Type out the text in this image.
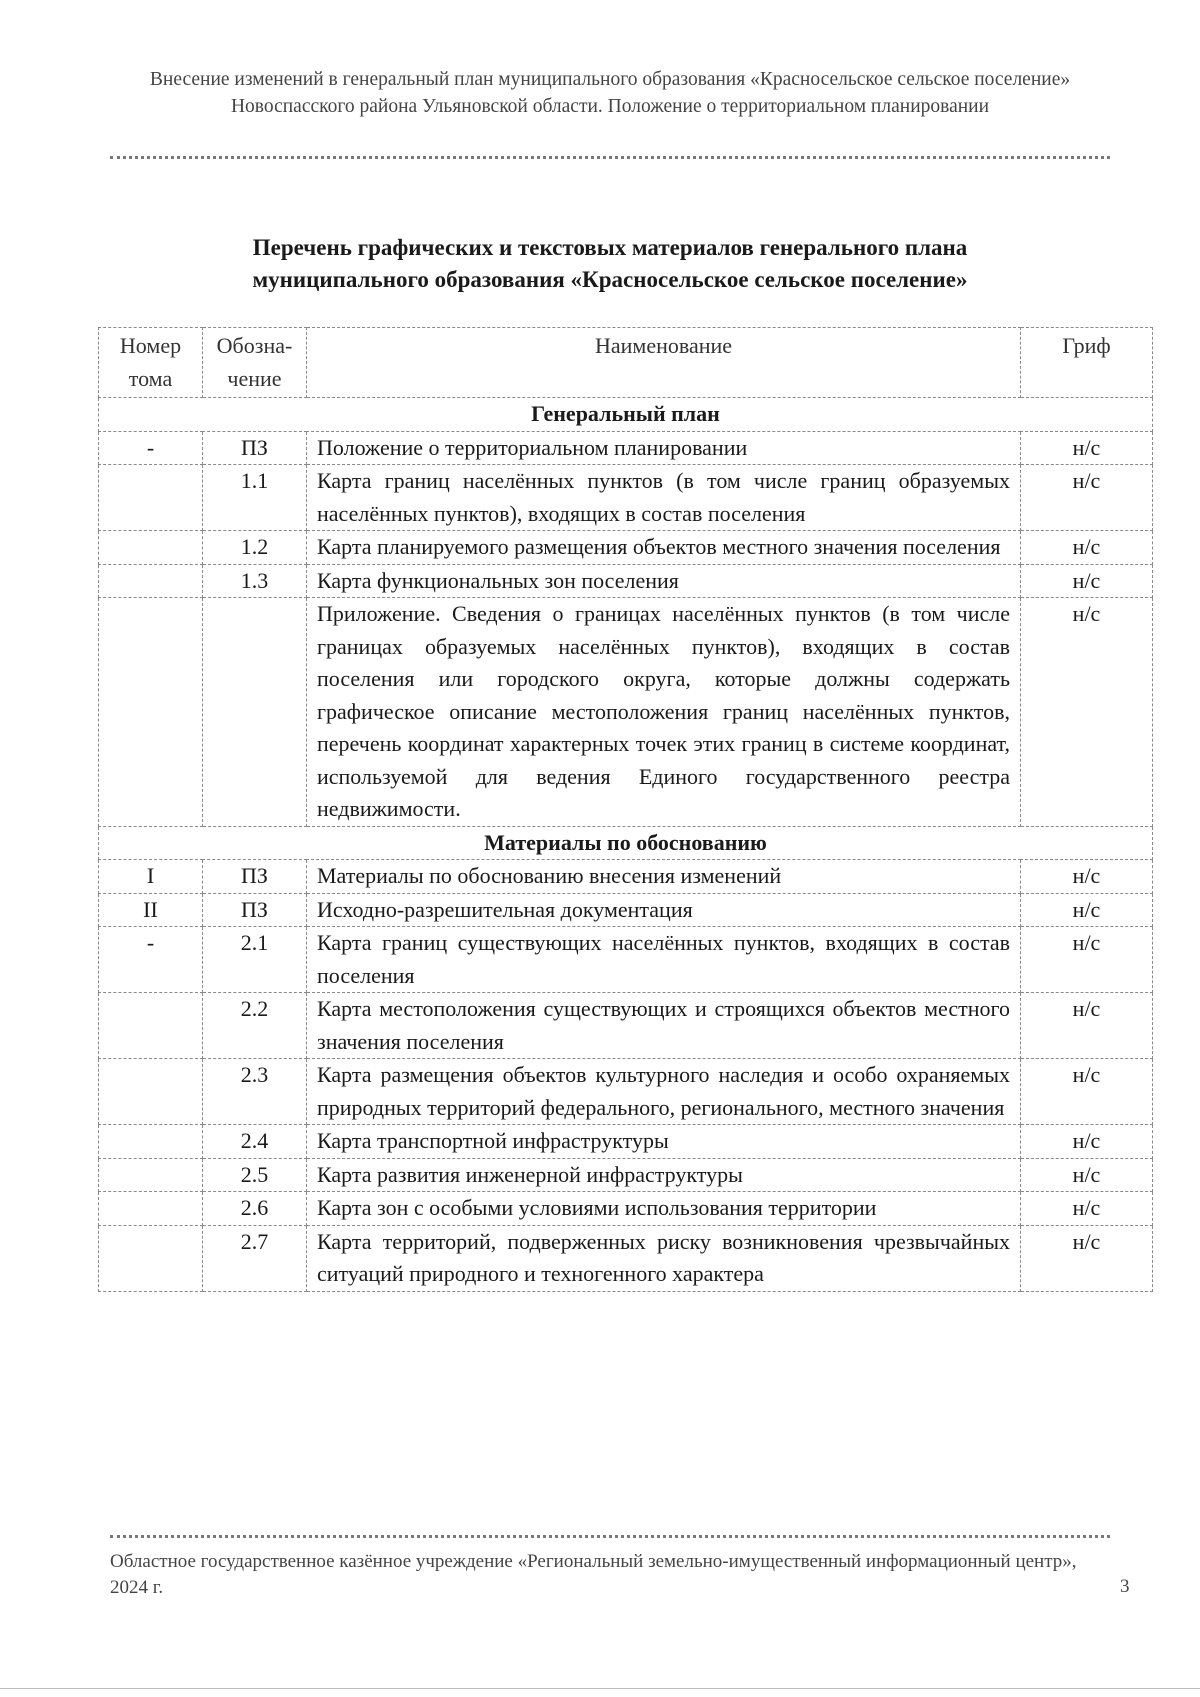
Внесение изменений в генеральный план муниципального образования «Красносельское сельское поселение» Новоспасского района Ульяновской области. Положение о территориальном планировании
Перечень графических и текстовых материалов генерального плана
муниципального образования «Красносельское сельское поселение»
Номер тома	Обозна-чение	Наименование	Гриф
Генеральный план			
-	ПЗ	Положение о территориальном планировании	н/с
	1.1	Карта границ населённых пунктов (в том числе границ образуемых населённых пунктов), входящих в состав поселения	н/с
	1.2	Карта планируемого размещения объектов местного значения поселения	н/с
	1.3	Карта функциональных зон поселения	н/с
		Приложение. Сведения о границах населённых пунктов (в том числе границах образуемых населённых пунктов), входящих в состав поселения или городского округа, которые должны содержать графическое описание местоположения границ населённых пунктов, перечень координат характерных точек этих границ в системе координат, используемой для ведения Единого государственного реестра недвижимости.	н/с
Материалы по обоснованию			
I	ПЗ	Материалы по обоснованию внесения изменений	н/с
II	ПЗ	Исходно-разрешительная документация	н/с
-	2.1	Карта границ существующих населённых пунктов, входящих в состав поселения	н/с
	2.2	Карта местоположения существующих и строящихся объектов местного значения поселения	н/с
	2.3	Карта размещения объектов культурного наследия и особо охраняемых природных территорий федерального, регионального, местного значения	н/с
	2.4	Карта транспортной инфраструктуры	н/с
	2.5	Карта развития инженерной инфраструктуры	н/с
	2.6	Карта зон с особыми условиями использования территории	н/с
	2.7	Карта территорий, подверженных риску возникновения чрезвычайных ситуаций природного и техногенного характера	н/с
Областное государственное казённое учреждение «Региональный земельно-имущественный информационный центр», 2024 г.	3
